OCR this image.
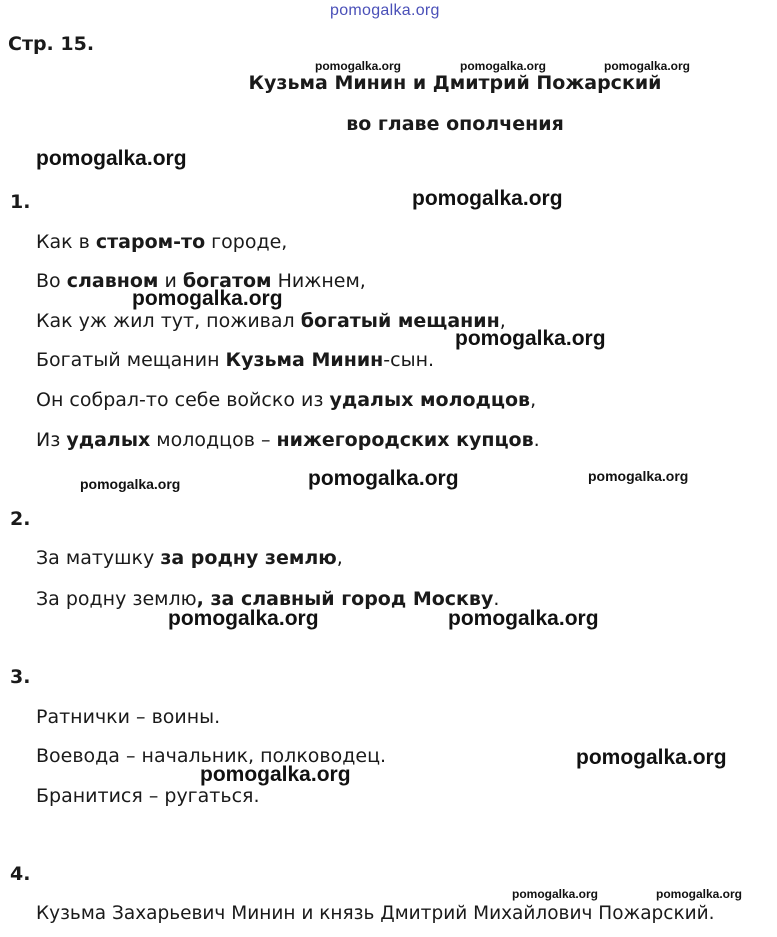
pomogalka.org
Стр. 15.
pomogalka.org	pomogalka.org	pomogalka.org
Кузьма Минин и Дмитрий Пожарский
во главе ополчения
pomogalka.org
1.	pomogalka.org
Как в старом-то городе,
Во славном и богатом Нижнем,
pomogalka.org
Как уж жил тут, поживал богатый мещанин,
pomogalka.org
Богатый мещанин Кузьма Минин-сын.
Он собрал-то себе войско из удалых молодцов,
Из удалых молодцов – нижегородских купцов.
pomogalka.org	pomogalka.org	pomogalka.org
2.
За матушку за родну землю,
За родну землю, за славный город Москву.
pomogalka.org	pomogalka.org
3.
Ратнички – воины.
Воевода – начальник, полководец.	pomogalka.org
pomogalka.org
Бранитися – ругаться.
4.
pomogalka.org	pomogalka.org
Кузьма Захарьевич Минин и князь Дмитрий Михайлович Пожарский.
